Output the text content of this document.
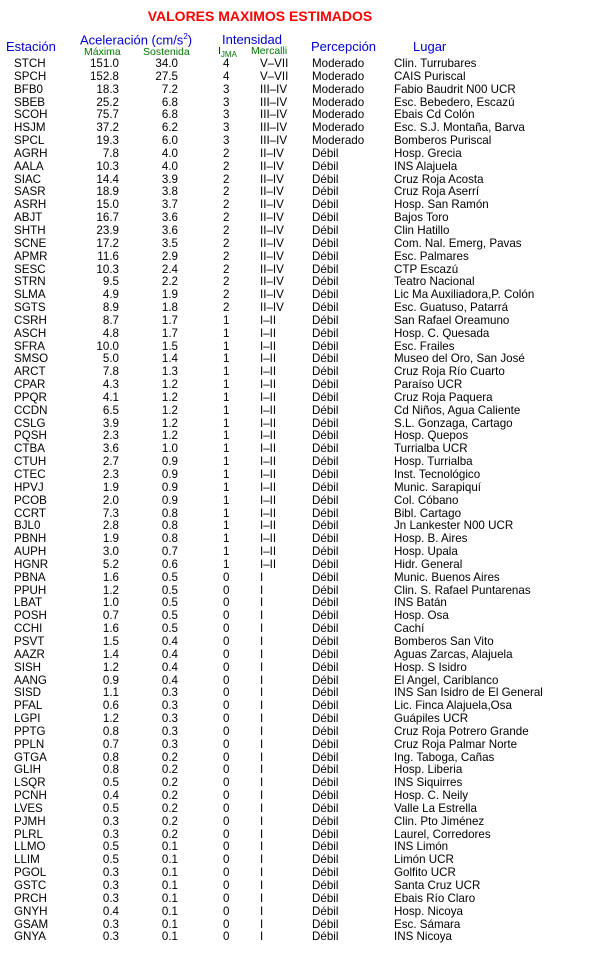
VALORES MAXIMOS ESTIMADOS
Estación Aceleración $(cm/s^2)$
Máxima Sostenida
Intensidad
$I_{JMA}$ Mercalli Percepción	Lugar
STCH	151.0	34.0	4	V–VII Moderado	Clin. Turrubares
SPCH	152.8	27.5	4	V–VII Moderado	CAIS Puriscal
BFB0	18.3	7.2	3	III–IV Moderado	Fabio Baudrit N00 UCR
SBEB	25.2	6.8	3	III–IV Moderado	Esc. Bebedero, Escazú
SCOH	75.7	6.8	3	III–IV Moderado	Ebais Cd Colón
HSJM	37.2	6.2	3	III–IV Moderado	Esc. S.J. Montaña, Barva
SPCL	19.3	6.0	3	III–IV Moderado	Bomberos Puriscal
AGRH	7.8	4.0	2	II–IV Débil	Hosp. Grecia
AALA	10.3	4.0	2	II–IV Débil	INS Alajuela
SIAC	14.4	3.9	2	II–IV Débil	Cruz Roja Acosta
SASR	18.9	3.8	2	II–IV Débil	Cruz Roja Aserrí
ASRH	15.0	3.7	2	II–IV Débil	Hosp. San Ramón
ABJT	16.7	3.6	2	II–IV Débil	Bajos Toro
SHTH	23.9	3.6	2	II–IV Débil	Clin Hatillo
SCNE	17.2	3.5	2	II–IV Débil	Com. Nal. Emerg, Pavas
APMR	11.6	2.9	2	II–IV Débil	Esc. Palmares
SESC	10.3	2.4	2	II–IV Débil	CTP Escazú
STRN	9.5	2.2	2	II–IV Débil	Teatro Nacional
SLMA	4.9	1.9	2	II–IV Débil	Lic Ma Auxiliadora,P. Colón
SGTS	8.9	1.8	2	II–IV Débil	Esc. Guatuso, Patarrá
CSRH	8.7	1.7	1	I–II	Débil	San Rafael Oreamuno
ASCH	4.8	1.7	1	I–II	Débil	Hosp. C. Quesada
SFRA	10.0	1.5	1	I–II	Débil	Esc. Frailes
SMSO	5.0	1.4	1	I–II	Débil	Museo del Oro, San José
ARCT	7.8	1.3	1	I–II	Débil	Cruz Roja Río Cuarto
CPAR	4.3	1.2	1	I–II	Débil	Paraíso UCR
PPQR	4.1	1.2	1	I–II	Débil	Cruz Roja Paquera
CCDN	6.5	1.2	1	I–II	Débil	Cd Niños, Agua Caliente
CSLG	3.9	1.2	1	I–II	Débil	S.L. Gonzaga, Cartago
PQSH	2.3	1.2	1	I–II	Débil	Hosp. Quepos
CTBA	3.6	1.0	1	I–II	Débil	Turrialba UCR
CTUH	2.7	0.9	1	I–II	Débil	Hosp. Turrialba
CTEC	2.3	0.9	1	I–II	Débil	Inst. Tecnológico
HPVJ	1.9	0.9	1	I–II	Débil	Munic. Sarapiquí
PCOB	2.0	0.9	1	I–II	Débil	Col. Cóbano
CCRT	7.3	0.8	1	I–II	Débil	Bibl. Cartago
BJL0	2.8	0.8	1	I–II	Débil	Jn Lankester N00 UCR
PBNH	1.9	0.8	1	I–II	Débil	Hosp. B. Aires
AUPH	3.0	0.7	1	I–II	Débil	Hosp. Upala
HGNR	5.2	0.6	1	I–II	Débil	Hidr. General
PBNA	1.6	0.5	0	I	Débil	Munic. Buenos Aires
PPUH	1.2	0.5	0	I	Débil	Clin. S. Rafael Puntarenas
LBAT	1.0	0.5	0	I	Débil	INS Batán
POSH	0.7	0.5	0	I	Débil	Hosp. Osa
CCHI	1.6	0.5	0	I	Débil	Cachí
PSVT	1.5	0.4	0	I	Débil	Bomberos San Vito
AAZR	1.4	0.4	0	I	Débil	Aguas Zarcas, Alajuela
SISH	1.2	0.4	0	I	Débil	Hosp. S Isidro
AANG	0.9	0.4	0	I	Débil	El Angel, Cariblanco
SISD	1.1	0.3	0	I	Débil	INS San Isidro de El General
PFAL	0.6	0.3	0	I	Débil	Lic. Finca Alajuela,Osa
LGPI	1.2	0.3	0	I	Débil	Guápiles UCR
PPTG	0.8	0.3	0	I	Débil	Cruz Roja Potrero Grande
PPLN	0.7	0.3	0	I	Débil	Cruz Roja Palmar Norte
GTGA	0.8	0.2	0	I	Débil	Ing. Taboga, Cañas
GLIH	0.8	0.2	0	I	Débil	Hosp. Liberia
LSQR	0.5	0.2	0	I	Débil	INS Siquirres
PCNH	0.4	0.2	0	I	Débil	Hosp. C. Neily
LVES	0.5	0.2	0	I	Débil	Valle La Estrella
PJMH	0.3	0.2	0	I	Débil	Clin. Pto Jiménez
PLRL	0.3	0.2	0	I	Débil	Laurel, Corredores
LLMO	0.5	0.1	0	I	Débil	INS Limón
LLIM	0.5	0.1	0	I	Débil	Limón UCR
PGOL	0.3	0.1	0	I	Débil	Golfito UCR
GSTC	0.3	0.1	0	I	Débil	Santa Cruz UCR
PRCH	0.3	0.1	0	I	Débil	Ebais Río Claro
GNYH	0.4	0.1	0	I	Débil	Hosp. Nicoya
GSAM	0.3	0.1	0	I	Débil	Esc. Sámara
GNYA	0.3	0.1	0	I	Débil	INS Nicoya
